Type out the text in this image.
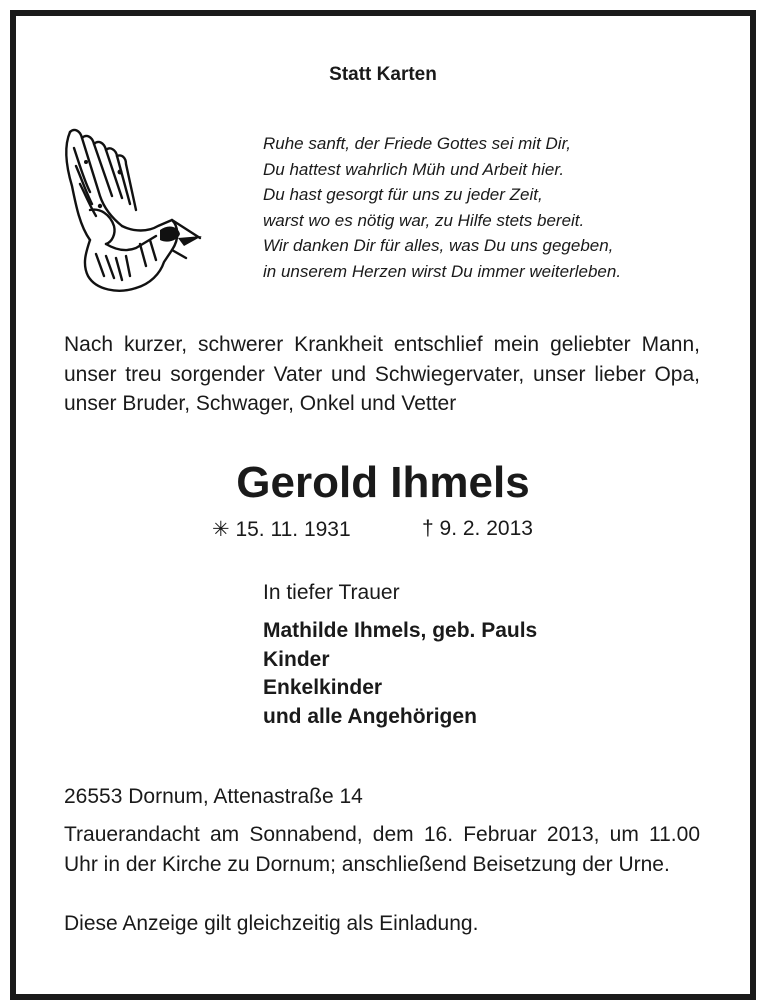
Statt Karten
Ruhe sanft, der Friede Gottes sei mit Dir,
Du hattest wahrlich Müh und Arbeit hier.
Du hast gesorgt für uns zu jeder Zeit,
warst wo es nötig war, zu Hilfe stets bereit.
Wir danken Dir für alles, was Du uns gegeben,
in unserem Herzen wirst Du immer weiterleben.
Nach kurzer, schwerer Krankheit entschlief mein geliebter Mann, unser treu sorgender Vater und Schwiegervater, unser lieber Opa, unser Bruder, Schwager, Onkel und Vetter
Gerold Ihmels
✳ 15. 11. 1931	† 9. 2. 2013
In tiefer Trauer
Mathilde Ihmels, geb. Pauls
Kinder
Enkelkinder
und alle Angehörigen
26553 Dornum, Attenastraße 14
Trauerandacht am Sonnabend, dem 16. Februar 2013, um 11.00 Uhr in der Kirche zu Dornum; anschließend Beisetzung der Urne.
Diese Anzeige gilt gleichzeitig als Einladung.
